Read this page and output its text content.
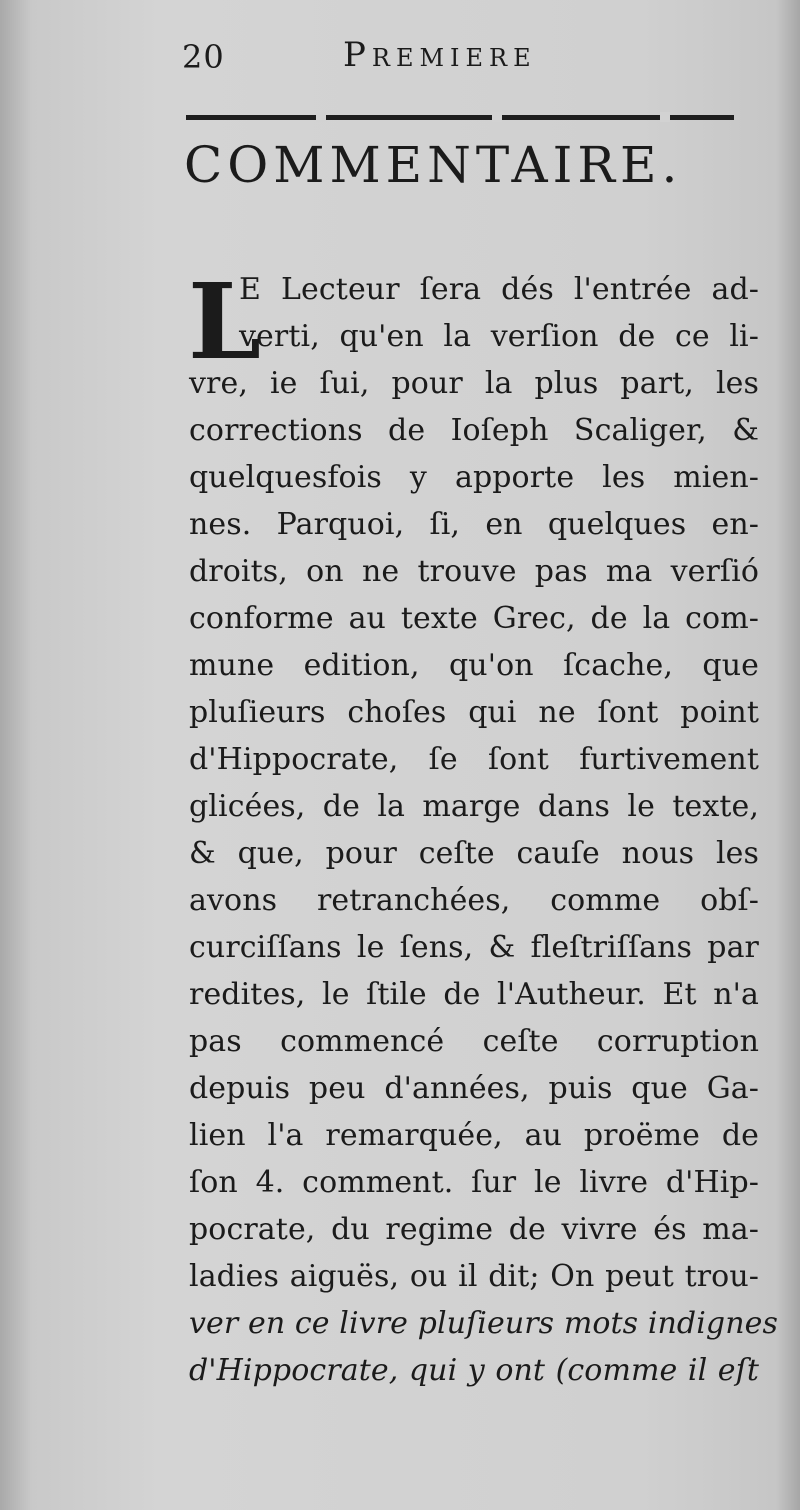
20	Premiere
COMMENTAIRE.
L
E Lecteur ſera dés l'entrée ad-
verti, qu'en la verſion de ce li-
vre, ie ſui, pour la plus part, les
corrections de Ioſeph Scaliger, &
quelquesfois y apporte les mien-
nes. Parquoi, ſi, en quelques en-
droits, on ne trouve pas ma verſió
conforme au texte Grec, de la com-
mune edition, qu'on ſcache, que
pluſieurs choſes qui ne ſont point
d'Hippocrate, ſe ſont furtivement
glicées, de la marge dans le texte,
& que, pour ceſte cauſe nous les
avons retranchées, comme obſ-
curciſſans le ſens, & fleſtriſſans par
redites, le ſtile de l'Autheur. Et n'a
pas commencé ceſte corruption
depuis peu d'années, puis que Ga-
lien l'a remarquée, au proëme de
ſon 4. comment. ſur le livre d'Hip-
pocrate, du regime de vivre és ma-
ladies aiguës, ou il dit; On peut trou-
ver en ce livre pluſieurs mots indignes
d'Hippocrate, qui y ont (comme il eſt
